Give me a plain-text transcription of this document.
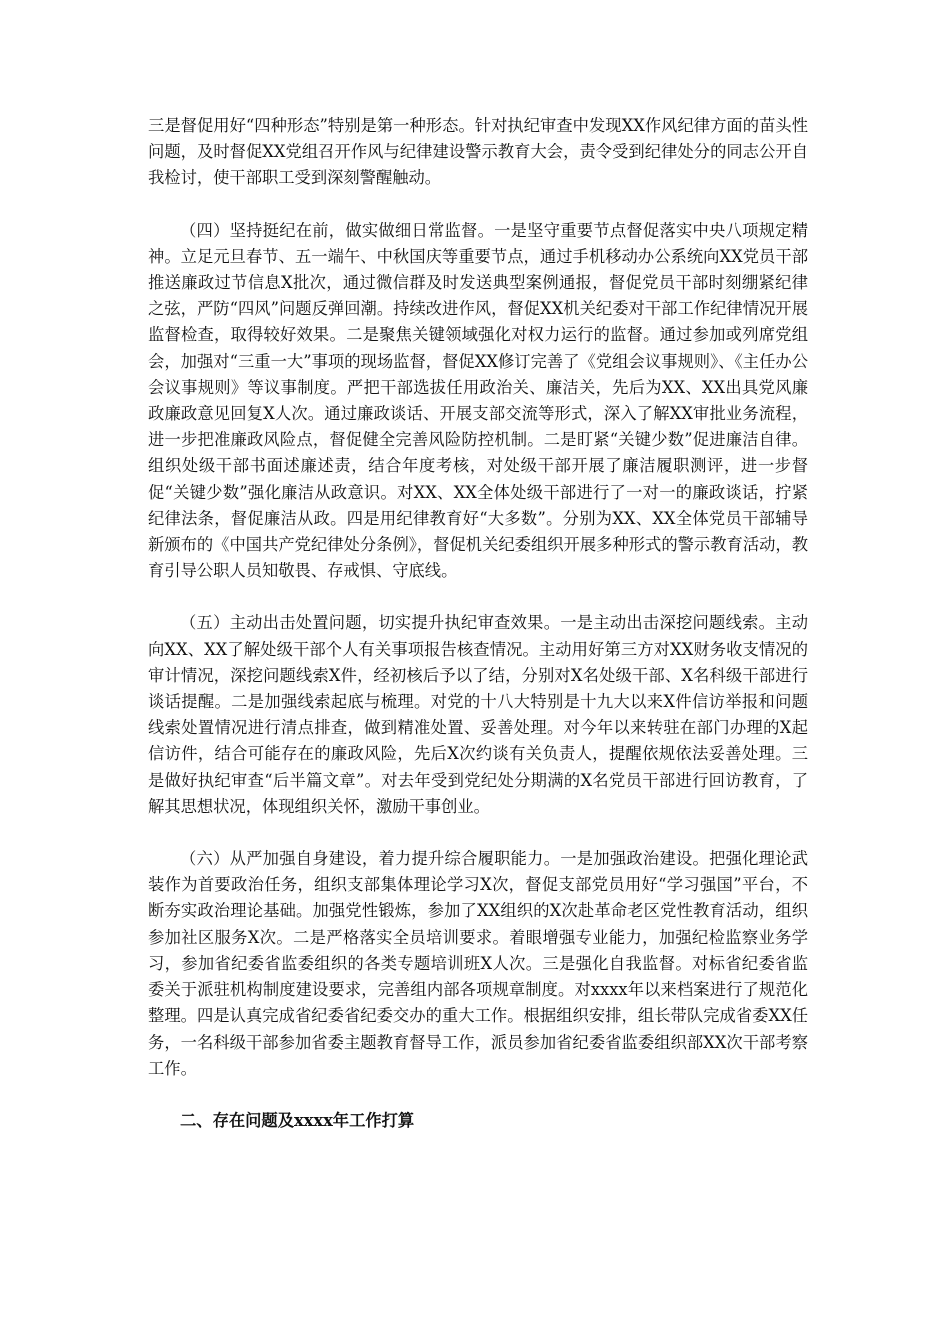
三是督促用好“四种形态”特别是第一种形态。针对执纪审查中发现XX作风纪律方面的苗头性问题，及时督促XX党组召开作风与纪律建设警示教育大会，责令受到纪律处分的同志公开自我检讨，使干部职工受到深刻警醒触动。

（四）坚持挺纪在前，做实做细日常监督。一是坚守重要节点督促落实中央八项规定精神。立足元旦春节、五一端午、中秋国庆等重要节点，通过手机移动办公系统向XX党员干部推送廉政过节信息X批次，通过微信群及时发送典型案例通报，督促党员干部时刻绷紧纪律之弦，严防“四风”问题反弹回潮。持续改进作风，督促XX机关纪委对干部工作纪律情况开展监督检查，取得较好效果。二是聚焦关键领域强化对权力运行的监督。通过参加或列席党组会，加强对“三重一大”事项的现场监督，督促XX修订完善了《党组会议事规则》、《主任办公会议事规则》等议事制度。严把干部选拔任用政治关、廉洁关，先后为XX、XX出具党风廉政廉政意见回复X人次。通过廉政谈话、开展支部交流等形式，深入了解XX审批业务流程，进一步把准廉政风险点，督促健全完善风险防控机制。二是盯紧“关键少数”促进廉洁自律。组织处级干部书面述廉述责，结合年度考核，对处级干部开展了廉洁履职测评，进一步督促“关键少数”强化廉洁从政意识。对XX、XX全体处级干部进行了一对一的廉政谈话，拧紧纪律法条，督促廉洁从政。四是用纪律教育好“大多数”。分别为XX、XX全体党员干部辅导新颁布的《中国共产党纪律处分条例》，督促机关纪委组织开展多种形式的警示教育活动，教育引导公职人员知敬畏、存戒惧、守底线。

（五）主动出击处置问题，切实提升执纪审查效果。一是主动出击深挖问题线索。主动向XX、XX了解处级干部个人有关事项报告核查情况。主动用好第三方对XX财务收支情况的审计情况，深挖问题线索X件，经初核后予以了结，分别对X名处级干部、X名科级干部进行谈话提醒。二是加强线索起底与梳理。对党的十八大特别是十九大以来X件信访举报和问题线索处置情况进行清点排查，做到精准处置、妥善处理。对今年以来转驻在部门办理的X起信访件，结合可能存在的廉政风险，先后X次约谈有关负责人，提醒依规依法妥善处理。三是做好执纪审查“后半篇文章”。对去年受到党纪处分期满的X名党员干部进行回访教育，了解其思想状况，体现组织关怀，激励干事创业。

（六）从严加强自身建设，着力提升综合履职能力。一是加强政治建设。把强化理论武装作为首要政治任务，组织支部集体理论学习X次，督促支部党员用好“学习强国”平台，不断夯实政治理论基础。加强党性锻炼，参加了XX组织的X次赴革命老区党性教育活动，组织参加社区服务X次。二是严格落实全员培训要求。着眼增强专业能力，加强纪检监察业务学习，参加省纪委省监委组织的各类专题培训班X人次。三是强化自我监督。对标省纪委省监委关于派驻机构制度建设要求，完善组内部各项规章制度。对xxxx年以来档案进行了规范化整理。四是认真完成省纪委省纪委交办的重大工作。根据组织安排，组长带队完成省委XX任务，一名科级干部参加省委主题教育督导工作，派员参加省纪委省监委组织部XX次干部考察工作。

二、存在问题及xxxx年工作打算
